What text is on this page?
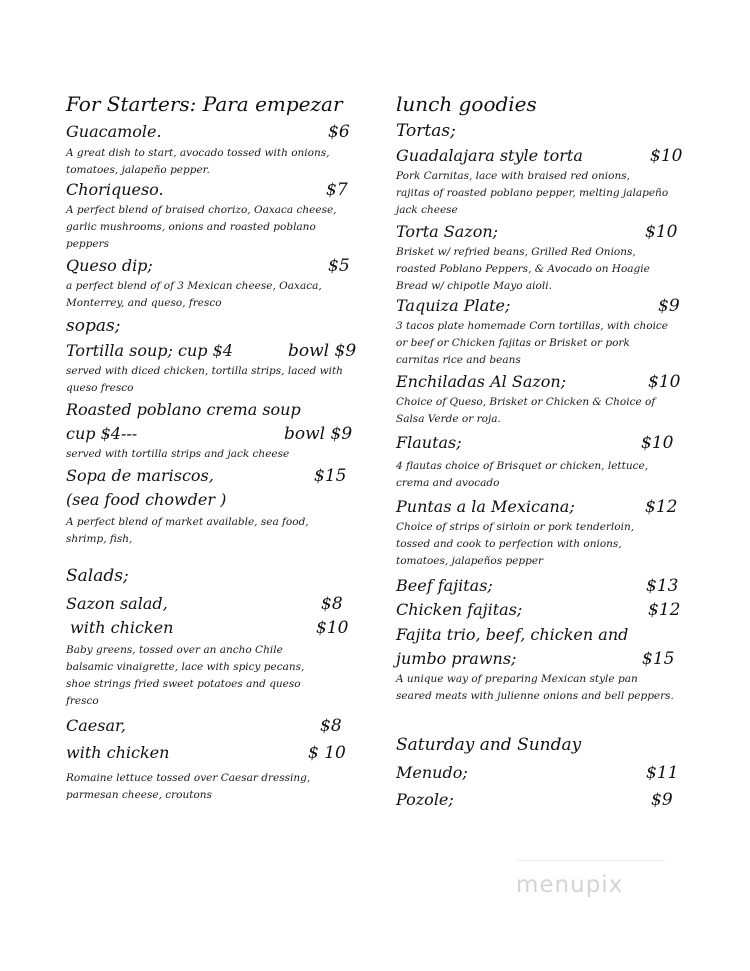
For Starters: Para empezar
Guacamole.	$6
A great dish to start, avocado tossed with onions,
tomatoes, jalapeño pepper.
Choriqueso.	$7
A perfect blend of braised chorizo, Oaxaca cheese,
garlic mushrooms, onions and roasted poblano
peppers
Queso dip;	$5
a perfect blend of of 3 Mexican cheese, Oaxaca,
Monterrey, and queso, fresco
sopas;
Tortilla soup; cup $4	bowl $9
served with diced chicken, tortilla strips, laced with
queso fresco
Roasted poblano crema soup
cup $4---	bowl $9
served with tortilla strips and jack cheese
Sopa de mariscos,	$15
(sea food chowder )
A perfect blend of market available, sea food,
shrimp, fish,
Salads;
Sazon salad,	$8
with chicken	$10
Baby greens, tossed over an ancho Chile
balsamic vinaigrette, lace with spicy pecans,
shoe strings fried sweet potatoes and queso
fresco
Caesar,	$8
with chicken	$ 10
Romaine lettuce tossed over Caesar dressing,
parmesan cheese, croutons
lunch goodies
Tortas;
Guadalajara style torta	$10
Pork Carnitas, lace with braised red onions,
rajitas of roasted poblano pepper, melting jalapeño
jack cheese
Torta Sazon;	$10
Brisket w/ refried beans, Grilled Red Onions,
roasted Poblano Peppers, & Avocado on Hoagie
Bread w/ chipotle Mayo aioli.
Taquiza Plate;	$9
3 tacos plate homemade Corn tortillas, with choice
or beef or Chicken fajitas or Brisket or pork
carnitas rice and beans
Enchiladas Al Sazon;	$10
Choice of Queso, Brisket or Chicken & Choice of
Salsa Verde or roja.
Flautas;	$10
4 flautas choice of Brisquet or chicken, lettuce,
crema and avocado
Puntas a la Mexicana;	$12
Choice of strips of sirloin or pork tenderloin,
tossed and cook to perfection with onions,
tomatoes, jalapeños pepper
Beef fajitas;	$13
Chicken fajitas;	$12
Fajita trio, beef, chicken and
jumbo prawns;	$15
A unique way of preparing Mexican style pan
seared meats with julienne onions and bell peppers.
Saturday and Sunday
Menudo;	$11
Pozole;	$9
menupix
